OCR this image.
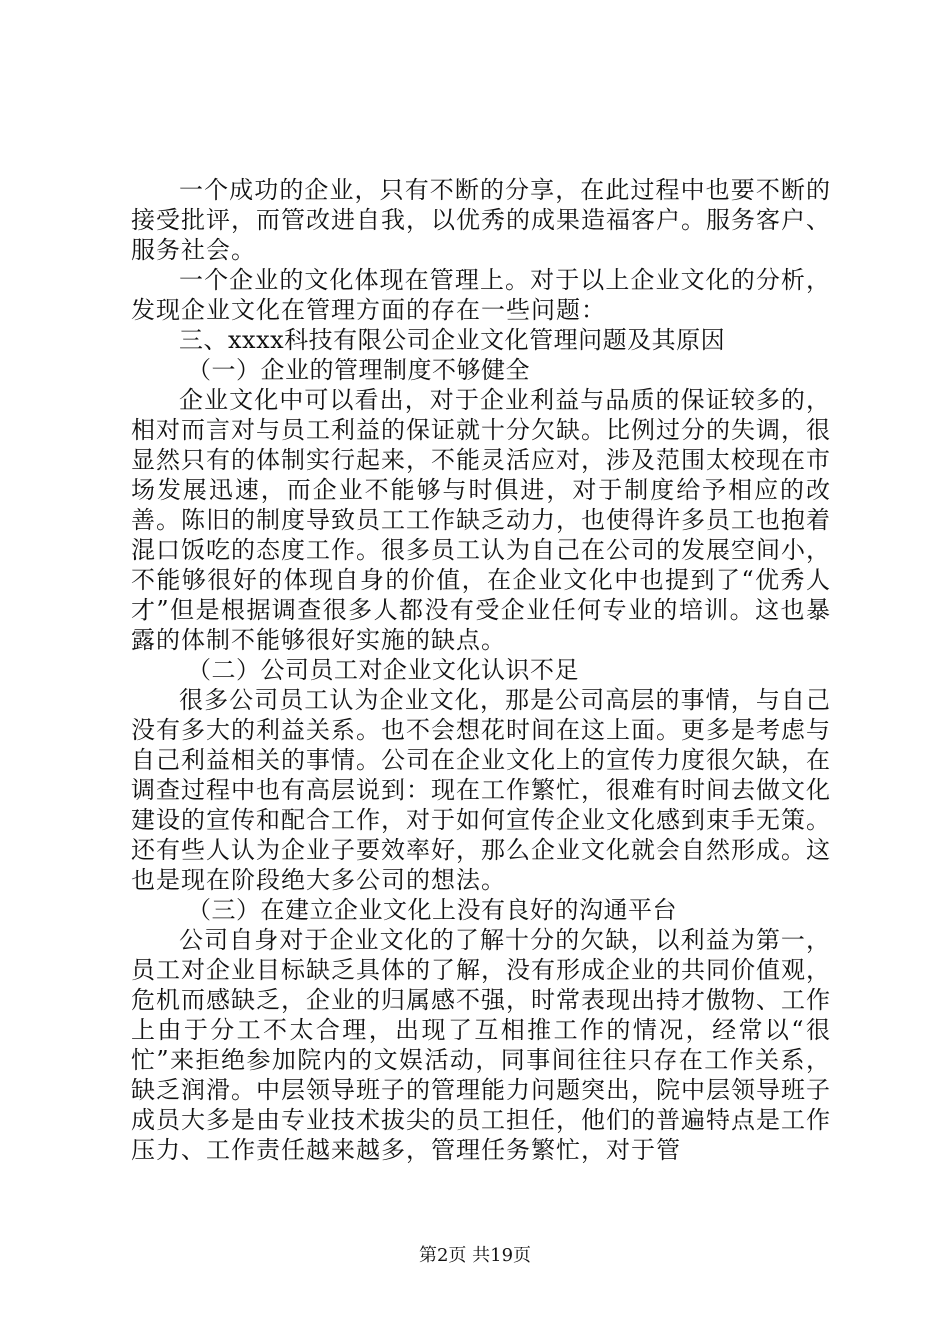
一个成功的企业，只有不断的分享，在此过程中也要不断的接受批评，而管改进自我，以优秀的成果造福客户。服务客户、服务社会。

一个企业的文化体现在管理上。对于以上企业文化的分析，发现企业文化在管理方面的存在一些问题：

三、xxxx科技有限公司企业文化管理问题及其原因

（一）企业的管理制度不够健全

企业文化中可以看出，对于企业利益与品质的保证较多的，相对而言对与员工利益的保证就十分欠缺。比例过分的失调，很显然只有的体制实行起来，不能灵活应对，涉及范围太校现在市场发展迅速，而企业不能够与时俱进，对于制度给予相应的改善。陈旧的制度导致员工工作缺乏动力，也使得许多员工也抱着混口饭吃的态度工作。很多员工认为自己在公司的发展空间小，不能够很好的体现自身的价值，在企业文化中也提到了“优秀人才”但是根据调查很多人都没有受企业任何专业的培训。这也暴露的体制不能够很好实施的缺点。

（二）公司员工对企业文化认识不足

很多公司员工认为企业文化，那是公司高层的事情，与自己没有多大的利益关系。也不会想花时间在这上面。更多是考虑与自己利益相关的事情。公司在企业文化上的宣传力度很欠缺，在调查过程中也有高层说到：现在工作繁忙，很难有时间去做文化建设的宣传和配合工作，对于如何宣传企业文化感到束手无策。还有些人认为企业子要效率好，那么企业文化就会自然形成。这也是现在阶段绝大多公司的想法。

（三）在建立企业文化上没有良好的沟通平台

公司自身对于企业文化的了解十分的欠缺，以利益为第一，员工对企业目标缺乏具体的了解，没有形成企业的共同价值观，危机而感缺乏，企业的归属感不强，时常表现出持才傲物、工作上由于分工不太合理，出现了互相推工作的情况，经常以“很忙”来拒绝参加院内的文娱活动，同事间往往只存在工作关系，缺乏润滑。中层领导班子的管理能力问题突出，院中层领导班子成员大多是由专业技术拔尖的员工担任，他们的普遍特点是工作压力、工作责任越来越多，管理任务繁忙，对于管

第2页 共19页
